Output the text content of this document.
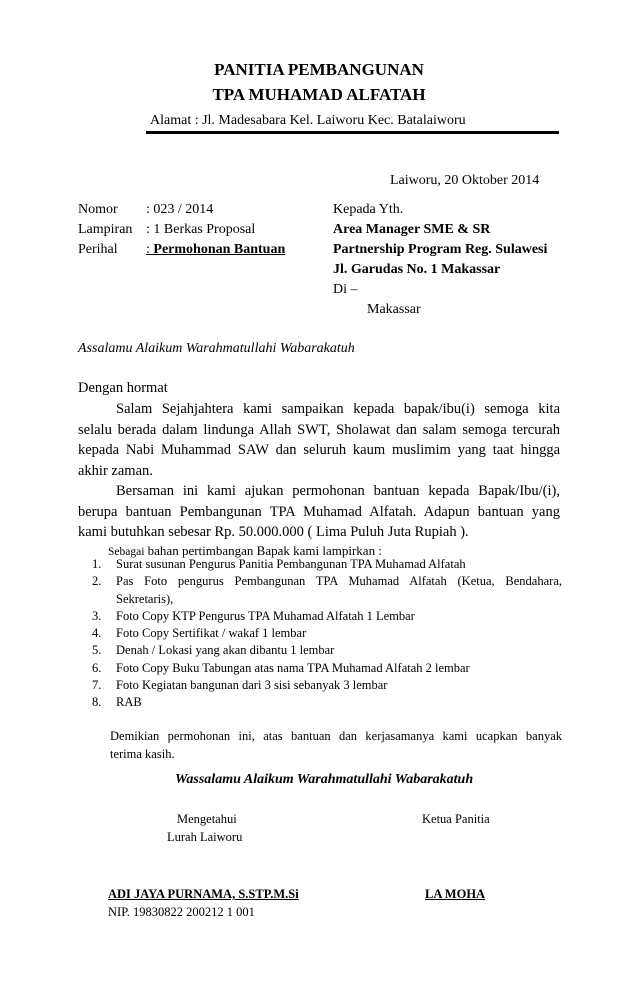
PANITIA PEMBANGUNAN
TPA MUHAMAD ALFATAH
Alamat : Jl. Madesabara Kel. Laiworu Kec. Batalaiworu
Laiworu, 20 Oktober 2014
Nomor : 023 / 2014
Lampiran : 1 Berkas Proposal
Perihal : Permohonan Bantuan
Kepada Yth.
Area Manager SME & SR
Partnership Program Reg. Sulawesi
Jl. Garudas No. 1 Makassar
Di –
Makassar
Assalamu Alaikum Warahmatullahi Wabarakatuh
Dengan hormat
Salam Sejahjahtera kami sampaikan kepada bapak/ibu(i) semoga kita
selalu berada dalam lindunga Allah SWT, Sholawat dan salam semoga tercurah
kepada Nabi Muhammad SAW dan seluruh kaum muslimim yang taat hingga
akhir zaman.
Bersaman ini kami ajukan permohonan bantuan kepada Bapak/Ibu/(i),
berupa bantuan Pembangunan TPA Muhamad Alfatah. Adapun bantuan yang
kami butuhkan sebesar Rp. 50.000.000 ( Lima Puluh Juta Rupiah ).
Sebagai bahan pertimbangan Bapak kami lampirkan :
1.	Surat susunan Pengurus Panitia Pembangunan TPA Muhamad Alfatah
2.	Pas Foto pengurus Pembangunan TPA Muhamad Alfatah (Ketua, Bendahara,
Sekretaris),
3.	Foto Copy KTP Pengurus TPA Muhamad Alfatah 1 Lembar
4.	Foto Copy Sertifikat / wakaf 1 lembar
5.	Denah / Lokasi yang akan dibantu 1 lembar
6.	Foto Copy Buku Tabungan atas nama TPA Muhamad Alfatah 2 lembar
7.	Foto Kegiatan bangunan dari 3 sisi sebanyak 3 lembar
8.	RAB
Demikian permohonan ini, atas bantuan dan kerjasamanya kami ucapkan banyak
terima kasih.
Wassalamu Alaikum Warahmatullahi Wabarakatuh
Mengetahui
Lurah Laiworu
Ketua Panitia
ADI JAYA PURNAMA, S.STP.M.Si
NIP. 19830822 200212 1 001
LA MOHA
